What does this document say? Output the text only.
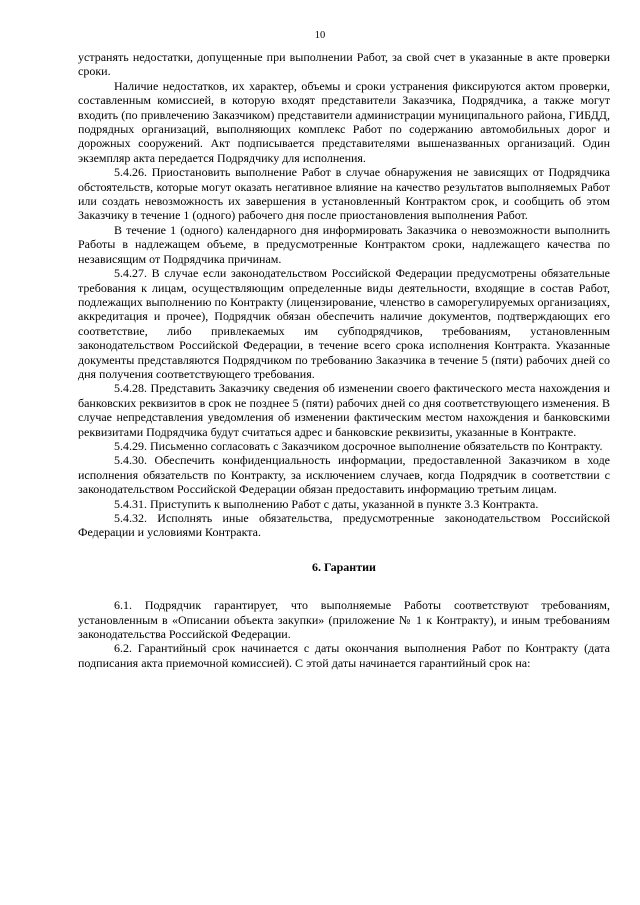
10

устранять недостатки, допущенные при выполнении Работ, за свой счет в указанные в акте проверки сроки.

Наличие недостатков, их характер, объемы и сроки устранения фиксируются актом проверки, составленным комиссией, в которую входят представители Заказчика, Подрядчика, а также могут входить (по привлечению Заказчиком) представители администрации муниципального района, ГИБДД, подрядных организаций, выполняющих комплекс Работ по содержанию автомобильных дорог и дорожных сооружений. Акт подписывается представителями вышеназванных организаций. Один экземпляр акта передается Подрядчику для исполнения.

5.4.26. Приостановить выполнение Работ в случае обнаружения не зависящих от Подрядчика обстоятельств, которые могут оказать негативное влияние на качество результатов выполняемых Работ или создать невозможность их завершения в установленный Контрактом срок, и сообщить об этом Заказчику в течение 1 (одного) рабочего дня после приостановления выполнения Работ.

В течение 1 (одного) календарного дня информировать Заказчика о невозможности выполнить Работы в надлежащем объеме, в предусмотренные Контрактом сроки, надлежащего качества по независящим от Подрядчика причинам.

5.4.27. В случае если законодательством Российской Федерации предусмотрены обязательные требования к лицам, осуществляющим определенные виды деятельности, входящие в состав Работ, подлежащих выполнению по Контракту (лицензирование, членство в саморегулируемых организациях, аккредитация и прочее), Подрядчик обязан обеспечить наличие документов, подтверждающих его соответствие, либо привлекаемых им субподрядчиков, требованиям, установленным законодательством Российской Федерации, в течение всего срока исполнения Контракта. Указанные документы представляются Подрядчиком по требованию Заказчика в течение 5 (пяти) рабочих дней со дня получения соответствующего требования.

5.4.28. Представить Заказчику сведения об изменении своего фактического места нахождения и банковских реквизитов в срок не позднее 5 (пяти) рабочих дней со дня соответствующего изменения. В случае непредставления уведомления об изменении фактическим местом нахождения и банковскими реквизитами Подрядчика будут считаться адрес и банковские реквизиты, указанные в Контракте.

5.4.29. Письменно согласовать с Заказчиком досрочное выполнение обязательств по Контракту.

5.4.30. Обеспечить конфиденциальность информации, предоставленной Заказчиком в ходе исполнения обязательств по Контракту, за исключением случаев, когда Подрядчик в соответствии с законодательством Российской Федерации обязан предоставить информацию третьим лицам.

5.4.31. Приступить к выполнению Работ с даты, указанной в пункте 3.3 Контракта.

5.4.32. Исполнять иные обязательства, предусмотренные законодательством Российской Федерации и условиями Контракта.

6. Гарантии

6.1. Подрядчик гарантирует, что выполняемые Работы соответствуют требованиям, установленным в «Описании объекта закупки» (приложение № 1 к Контракту), и иным требованиям законодательства Российской Федерации.

6.2. Гарантийный срок начинается с даты окончания выполнения Работ по Контракту (дата подписания акта приемочной комиссией). С этой даты начинается гарантийный срок на:
